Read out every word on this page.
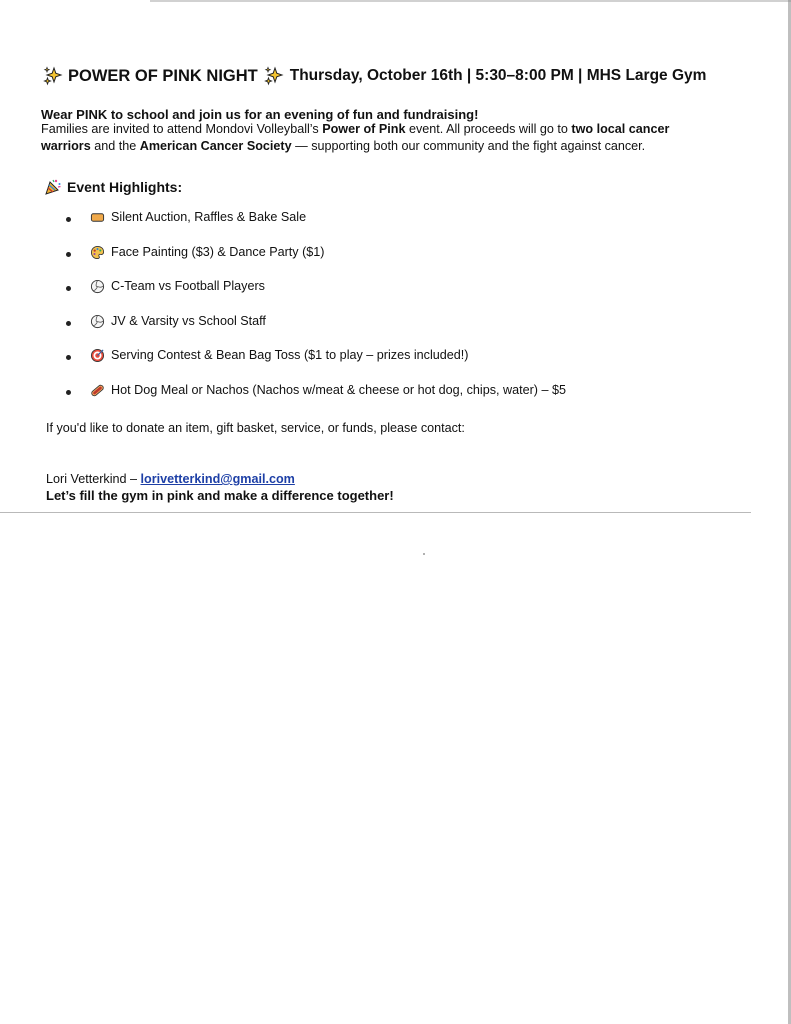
POWER OF PINK NIGHT Thursday, October 16th | 5:30–8:00 PM | MHS Large Gym
Wear PINK to school and join us for an evening of fun and fundraising!

Families are invited to attend Mondovi Volleyball’s Power of Pink event. All proceeds will go to two local cancer

warriors and the American Cancer Society — supporting both our community and the fight against cancer.

Event Highlights:
Silent Auction, Raffles & Bake Sale
Face Painting ($3) & Dance Party ($1)
C-Team vs Football Players
JV & Varsity vs School Staff
Serving Contest & Bean Bag Toss ($1 to play – prizes included!)
Hot Dog Meal or Nachos (Nachos w/meat & cheese or hot dog, chips, water) – $5
If you'd like to donate an item, gift basket, service, or funds, please contact:
Lori Vetterkind – lorivetterkind@gmail.com
Let’s fill the gym in pink and make a difference together!
